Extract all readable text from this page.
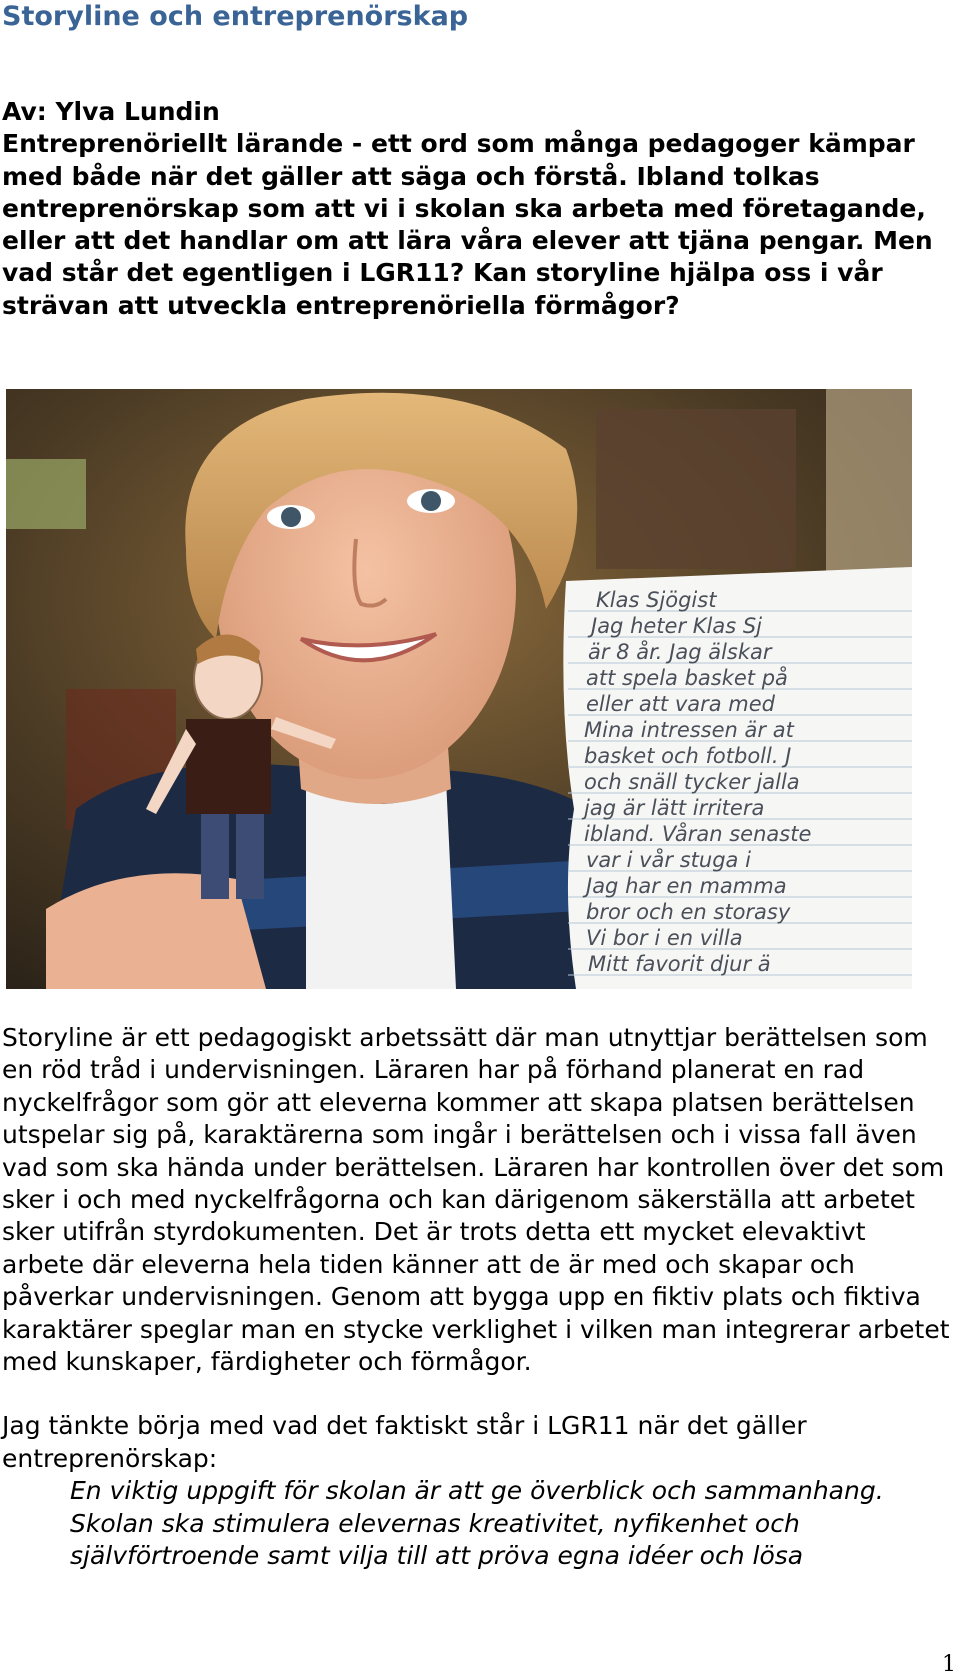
Storyline och entreprenörskap
Av: Ylva Lundin
Entreprenöriellt lärande - ett ord som många pedagoger kämpar med både när det gäller att säga och förstå. Ibland tolkas entreprenörskap som att vi i skolan ska arbeta med företagande, eller att det handlar om att lära våra elever att tjäna pengar. Men vad står det egentligen i LGR11? Kan storyline hjälpa oss i vår strävan att utveckla entreprenöriella förmågor?
Klas Sjögist
Jag heter Klas Sj
är 8 år. Jag älskar
att spela basket på
eller att vara med
Mina intressen är at
basket och fotboll. J
och snäll tycker jalla
jag är lätt irritera
ibland. Våran senaste
var i vår stuga i
Jag har en mamma
bror och en storasy
Vi bor i en villa
Mitt favorit djur ä

Storyline är ett pedagogiskt arbetssätt där man utnyttjar berättelsen som en röd tråd i undervisningen. Läraren har på förhand planerat en rad nyckelfrågor som gör att eleverna kommer att skapa platsen berättelsen utspelar sig på, karaktärerna som ingår i berättelsen och i vissa fall även vad som ska hända under berättelsen. Läraren har kontrollen över det som sker i och med nyckelfrågorna och kan därigenom säkerställa att arbetet sker utifrån styrdokumenten. Det är trots detta ett mycket elevaktivt arbete där eleverna hela tiden känner att de är med och skapar och påverkar undervisningen. Genom att bygga upp en fiktiv plats och fiktiva karaktärer speglar man en stycke verklighet i vilken man integrerar arbetet med kunskaper, färdigheter och förmågor.

Jag tänkte börja med vad det faktiskt står i LGR11 när det gäller entreprenörskap:

En viktig uppgift för skolan är att ge överblick och sammanhang. Skolan ska stimulera elevernas kreativitet, nyfikenhet och självförtroende samt vilja till att pröva egna idéer och lösa

1
